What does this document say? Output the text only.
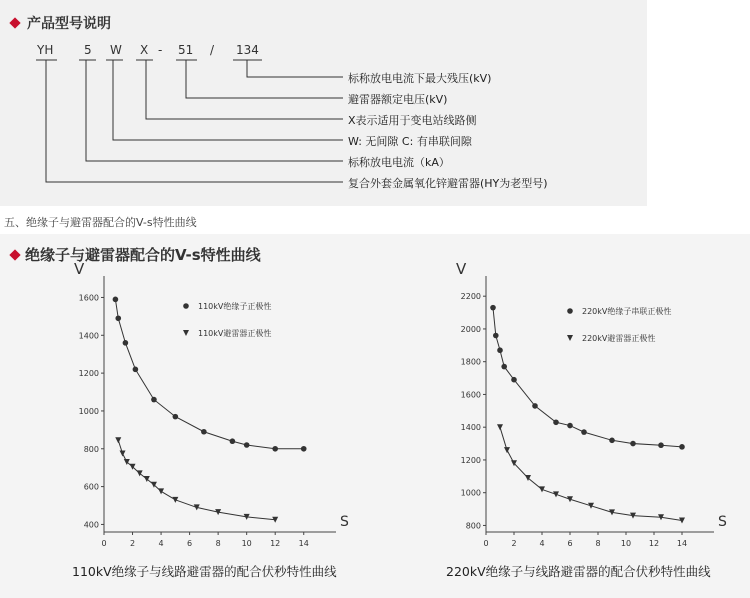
产品型号说明
YH	5 W X - 51 / 134
标称放电电流下最大残压(kV)
避雷器额定电压(kV)
X表示适用于变电站线路侧
W: 无间隙 C: 有串联间隙
标称放电电流（kA）
复合外套金属氧化锌避雷器(HY为老型号)
五、绝缘子与避雷器配合的V-s特性曲线
绝缘子与避雷器配合的V-s特性曲线
V
S
400
600
800
1000
1200
1400
1600
0	2	4	6	8	10 12 14
110kV绝缘子正极性
110kV避雷器正极性
V
S
800
1000
1200
1400
1600
1800
2000
2200
0	2	4	6	8	10 12 14
220kV绝缘子串联正极性
220kV避雷器正极性
110kV绝缘子与线路避雷器的配合伏秒特性曲线	220kV绝缘子与线路避雷器的配合伏秒特性曲线
